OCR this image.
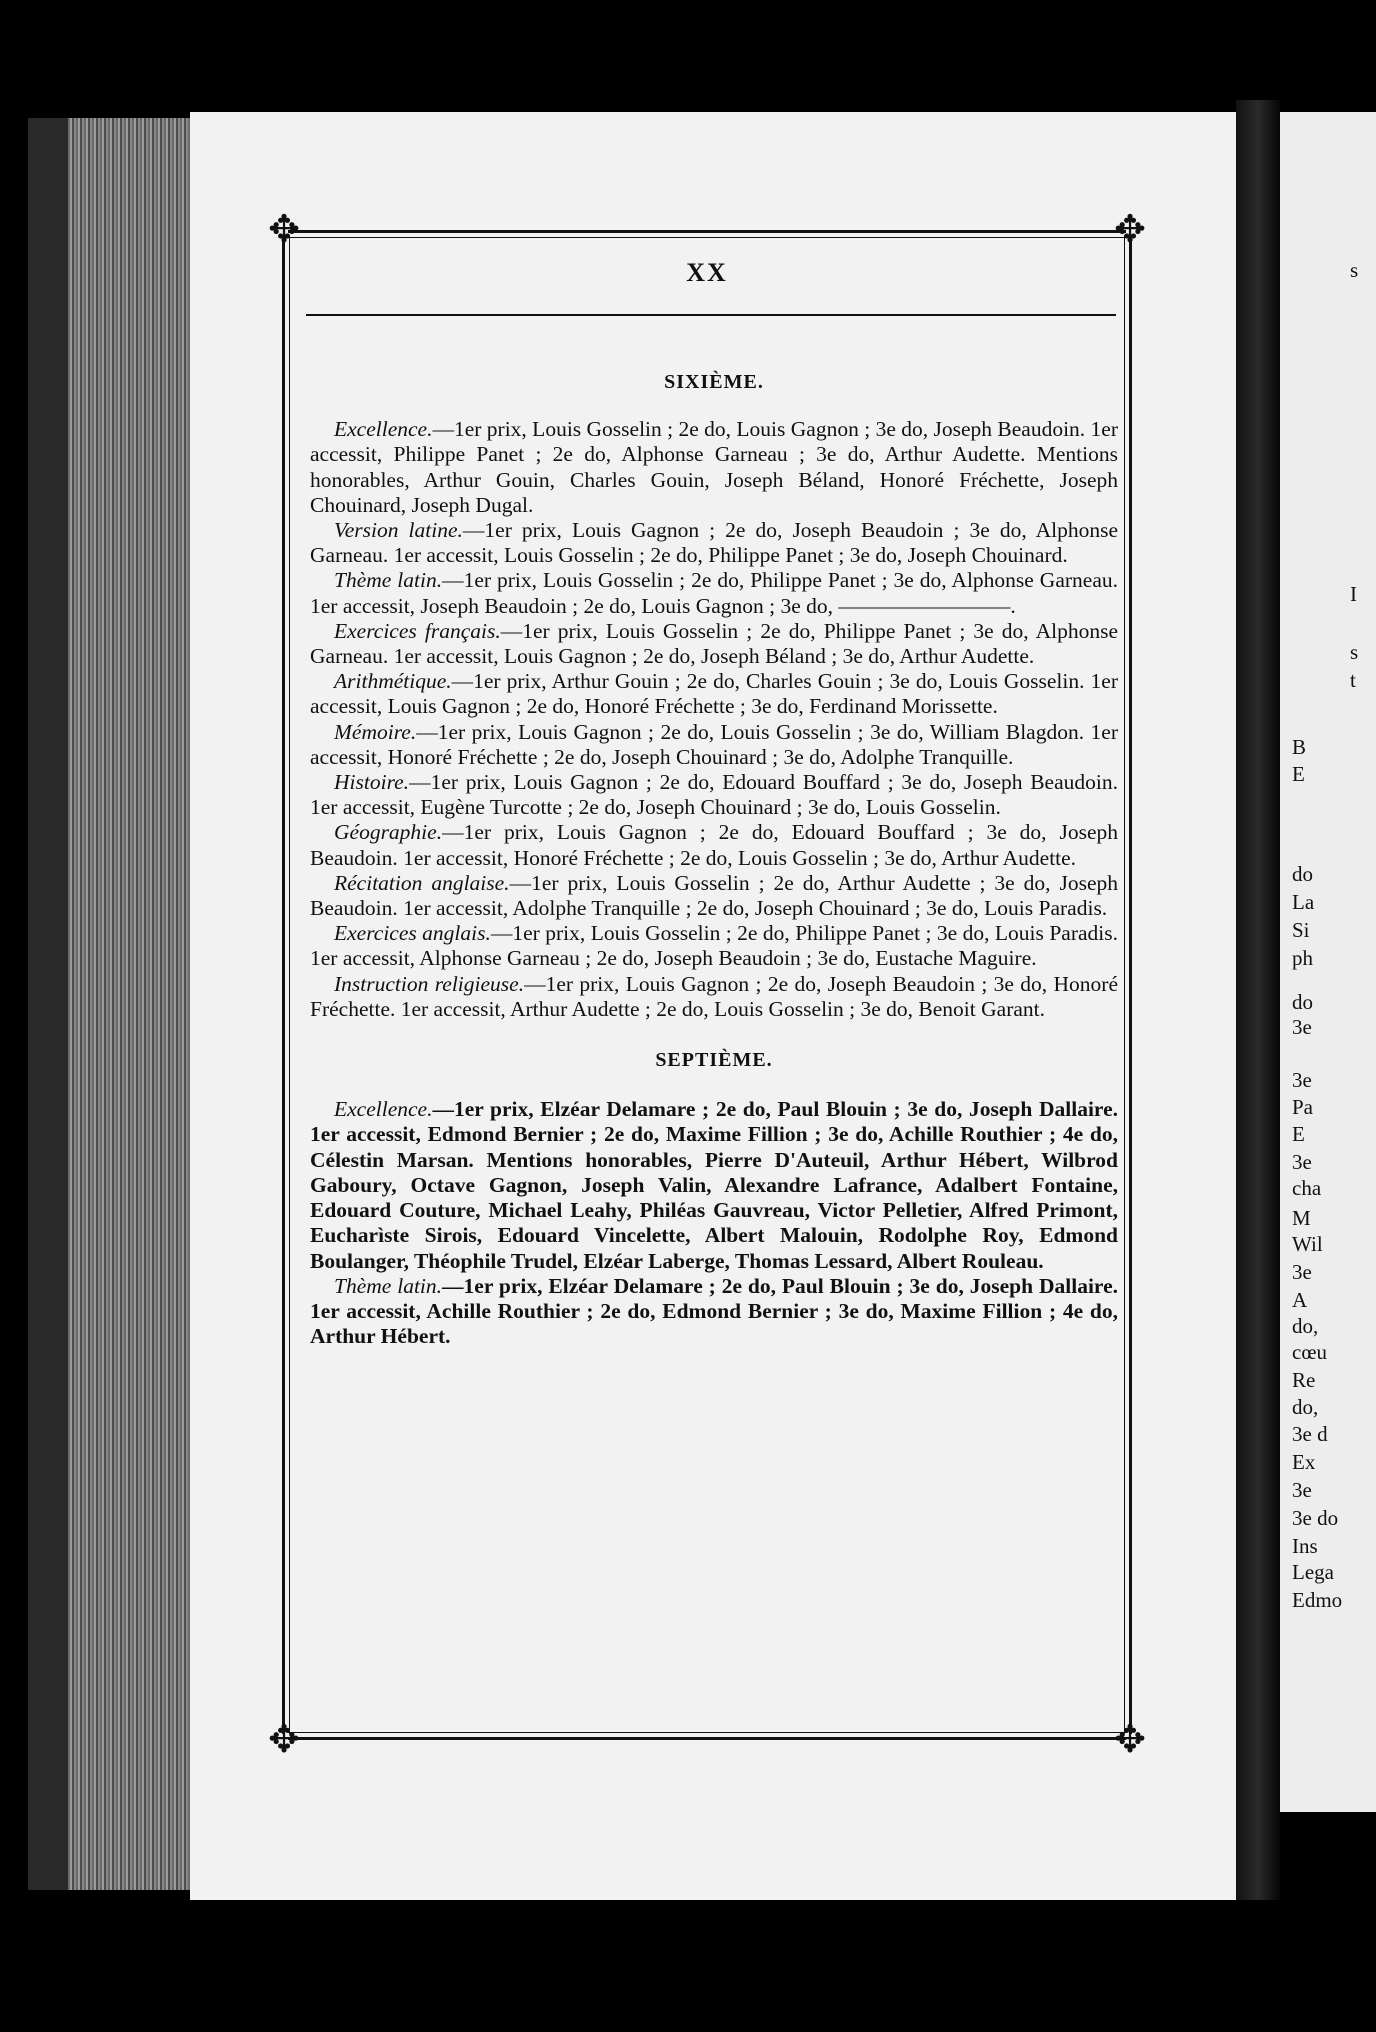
✥	✥
✥	✥
XX
SIXIÈME.

Excellence.—1er prix, Louis Gosselin ; 2e do, Louis Gagnon ; 3e do, Joseph Beaudoin. 1er accessit, Philippe Panet ; 2e do, Alphonse Garneau ; 3e do, Arthur Audette. Mentions honorables, Arthur Gouin, Charles Gouin, Joseph Béland, Honoré Fréchette, Joseph Chouinard, Joseph Dugal.

Version latine.—1er prix, Louis Gagnon ; 2e do, Joseph Beaudoin ; 3e do, Alphonse Garneau. 1er accessit, Louis Gosselin ; 2e do, Philippe Panet ; 3e do, Joseph Chouinard.

Thème latin.—1er prix, Louis Gosselin ; 2e do, Philippe Panet ; 3e do, Alphonse Garneau. 1er accessit, Joseph Beaudoin ; 2e do, Louis Gagnon ; 3e do, ————————.

Exercices français.—1er prix, Louis Gosselin ; 2e do, Philippe Panet ; 3e do, Alphonse Garneau. 1er accessit, Louis Gagnon ; 2e do, Joseph Béland ; 3e do, Arthur Audette.

Arithmétique.—1er prix, Arthur Gouin ; 2e do, Charles Gouin ; 3e do, Louis Gosselin. 1er accessit, Louis Gagnon ; 2e do, Honoré Fréchette ; 3e do, Ferdinand Morissette.

Mémoire.—1er prix, Louis Gagnon ; 2e do, Louis Gosselin ; 3e do, William Blagdon. 1er accessit, Honoré Fréchette ; 2e do, Joseph Chouinard ; 3e do, Adolphe Tranquille.

Histoire.—1er prix, Louis Gagnon ; 2e do, Edouard Bouffard ; 3e do, Joseph Beaudoin. 1er accessit, Eugène Turcotte ; 2e do, Joseph Chouinard ; 3e do, Louis Gosselin.

Géographie.—1er prix, Louis Gagnon ; 2e do, Edouard Bouffard ; 3e do, Joseph Beaudoin. 1er accessit, Honoré Fréchette ; 2e do, Louis Gosselin ; 3e do, Arthur Audette.

Récitation anglaise.—1er prix, Louis Gosselin ; 2e do, Arthur Audette ; 3e do, Joseph Beaudoin. 1er accessit, Adolphe Tranquille ; 2e do, Joseph Chouinard ; 3e do, Louis Paradis.

Exercices anglais.—1er prix, Louis Gosselin ; 2e do, Philippe Panet ; 3e do, Louis Paradis. 1er accessit, Alphonse Garneau ; 2e do, Joseph Beaudoin ; 3e do, Eustache Maguire.

Instruction religieuse.—1er prix, Louis Gagnon ; 2e do, Joseph Beaudoin ; 3e do, Honoré Fréchette. 1er accessit, Arthur Audette ; 2e do, Louis Gosselin ; 3e do, Benoit Garant.

SEPTIÈME.

Excellence.—1er prix, Elzéar Delamare ; 2e do, Paul Blouin ; 3e do, Joseph Dallaire. 1er accessit, Edmond Bernier ; 2e do, Maxime Fillion ; 3e do, Achille Routhier ; 4e do, Célestin Marsan. Mentions honorables, Pierre D'Auteuil, Arthur Hébert, Wilbrod Gaboury, Octave Gagnon, Joseph Valin, Alexandre Lafrance, Adalbert Fontaine, Edouard Couture, Michael Leahy, Philéas Gauvreau, Victor Pelletier, Alfred Primont, Eucharìste Sirois, Edouard Vincelette, Albert Malouin, Rodolphe Roy, Edmond Boulanger, Théophile Trudel, Elzéar Laberge, Thomas Lessard, Albert Rouleau.

Thème latin.—1er prix, Elzéar Delamare ; 2e do, Paul Blouin ; 3e do, Joseph Dallaire. 1er accessit, Achille Routhier ; 2e do, Edmond Bernier ; 3e do, Maxime Fillion ; 4e do, Arthur Hébert.

s
I
s
t
B
E
do
La
Si
ph
do
3e
3e
Pa
E
3e
cha
M
Wil
3e
A
do,
cœu
Re
do,
3e d
Ex
3e
3e do
Ins
Lega
Edmo
